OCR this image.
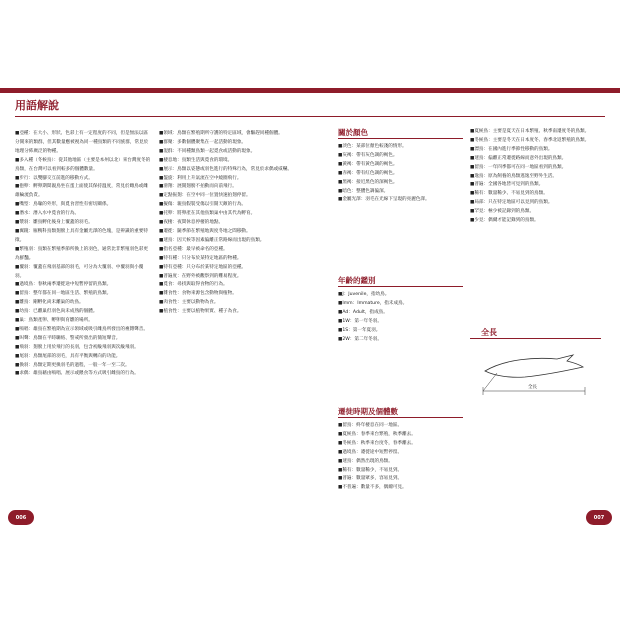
用語解說

■亞種：在大小、形狀、色彩上有一定程度的不同，但是無法以區分開來的類群，但其數量應被視為同一種鳥類的不同族群，常見於地理分佈廣泛的物種。

■多入種（冬候鳥）：從其他地區（主要是本州以北）來台灣度冬的鳥類，在台灣可以看到較多的個體數量。

■步行：以雙腳交互前進的移動方式。

■抱卵：孵卵期間親鳥坐在蛋上面使其保持溫度，常見於雌鳥或雌雄輪流負責。

■嘴型：鳥喙的外形，與覓食習性有密切關係。

■潛水：潛入水中覓食的行為。

■漿羽：雛鳥孵化後身上覆蓋的羽毛。

■翼鏡：雁鴨科鳥類翅膀上具有金屬光澤的色塊，是辨識的重要特徵。

■繁殖羽：鳥類在繁殖季節所換上的羽色，通常比非繁殖羽色彩更為鮮豔。

■覆羽：覆蓋在飛羽基部的羽毛，可分為大覆羽、中覆羽與小覆羽。

■過境鳥：春秋兩季遷徙途中短暫停留的鳥類。

■留鳥：整年都在同一地區生活、繁殖的鳥類。

■雛鳥：剛孵化尚未離巢的幼鳥。

■幼鳥：已離巢但羽色尚未成熟的個體。

■巢：鳥類產卵、孵卵與育雛的場所。

■鳴唱：雄鳥在繁殖期為宣示領域或吸引雌鳥所發出的複雜聲音。

■叫聲：鳥類在平時聯絡、警戒所發出的簡短聲音。

■飛羽：翅膀上用於飛行的長羽，包含初級飛羽與次級飛羽。

■尾羽：鳥類尾部的羽毛，具有平衡與轉向的功能。

■換羽：鳥類定期更換羽毛的過程，一般一年一至二次。

■求偶：雄鳥藉由鳴唱、展示或餵食等方式吸引雌鳥的行為。

■領域：鳥類在繁殖期所守護的特定區域，會驅趕同種個體。

■群聚：多數個體聚集在一起活動的現象。

■混群：不同種類鳥類一起覓食或活動的現象。

■棲息地：鳥類生活與覓食的環境。

■展示：鳥類以姿態或羽色進行的特殊行為，常見於求偶或威嚇。

■盤旋：利用上升氣流在空中繞圈飛行。

■滑翔：展開翅膀不拍動而向前飛行。

■定點振翅：在空中同一位置快速拍翅停留。

■擬傷：親鳥假裝受傷以引開天敵的行為。

■托卵：將卵產在其他鳥類巢中由其代為孵育。

■夜棲：夜間休息停棲的地點。

■遷徙：隨季節在繁殖地與度冬地之間移動。

■迷鳥：因天候等因素偏離正常路線而出現的鳥類。

■指名亞種：最早被命名的亞種。

■特有種：只分布於某特定地區的物種。

■特有亞種：只分布於某特定地區的亞種。

■普遍度：在野外被觀察到的難易程度。

■覓食：尋找與取得食物的行為。

■雜食性：食物來源包含動物與植物。

■肉食性：主要以動物為食。

■植食性：主要以植物果實、種子為食。

關於顏色

■淡色：某部位顏色較淺的情形。

■灰褐：帶有灰色調的褐色。

■黃褐：帶有黃色調的褐色。

■赤褐：帶有紅色調的褐色。

■黑褐：接近黑色的深褐色。

■暗色：整體色調偏深。

■金屬光澤：羽毛在光線下呈現的亮麗色澤。

年齡的鑑別

■J：Juvenile，指幼鳥。

■Imm：Immature，指未成鳥。

■Ad：Adult，指成鳥。

■1W：第一年冬羽。

■1S：第一年夏羽。

■2W：第二年冬羽。

遷徙時期及個體數

■留鳥：終年棲息在同一地區。

■夏候鳥：春季來台繁殖，秋季離去。

■冬候鳥：秋季來台度冬，春季離去。

■過境鳥：遷徙途中短暫停留。

■迷鳥：偶然出現的鳥類。

■稀有：數量稀少，不易見到。

■普遍：數量眾多，容易見到。

■不普遍：數量不多，偶爾可見。

■夏候鳥：主要是夏天在日本繁殖、秋季南遷度冬的鳥類。

■冬候鳥：主要是冬天在日本度冬、春季北返繁殖的鳥類。

■漂鳥：在國內進行季節性移動的鳥類。

■迷鳥：偏離正常遷徙路線而意外出現的鳥類。

■留鳥：一年四季都可在同一地區看到的鳥類。

■逸鳥：原為飼養的鳥類逃逸至野外生活。

■普遍：全國各地皆可見到的鳥類。

■稀有：數量稀少、不易見到的鳥類。

■局部：只在特定地區可以見到的鳥類。

■罕見：極少被記錄到的鳥類。

■少見：偶爾才能記錄到的鳥類。

全長
全長
006	007
